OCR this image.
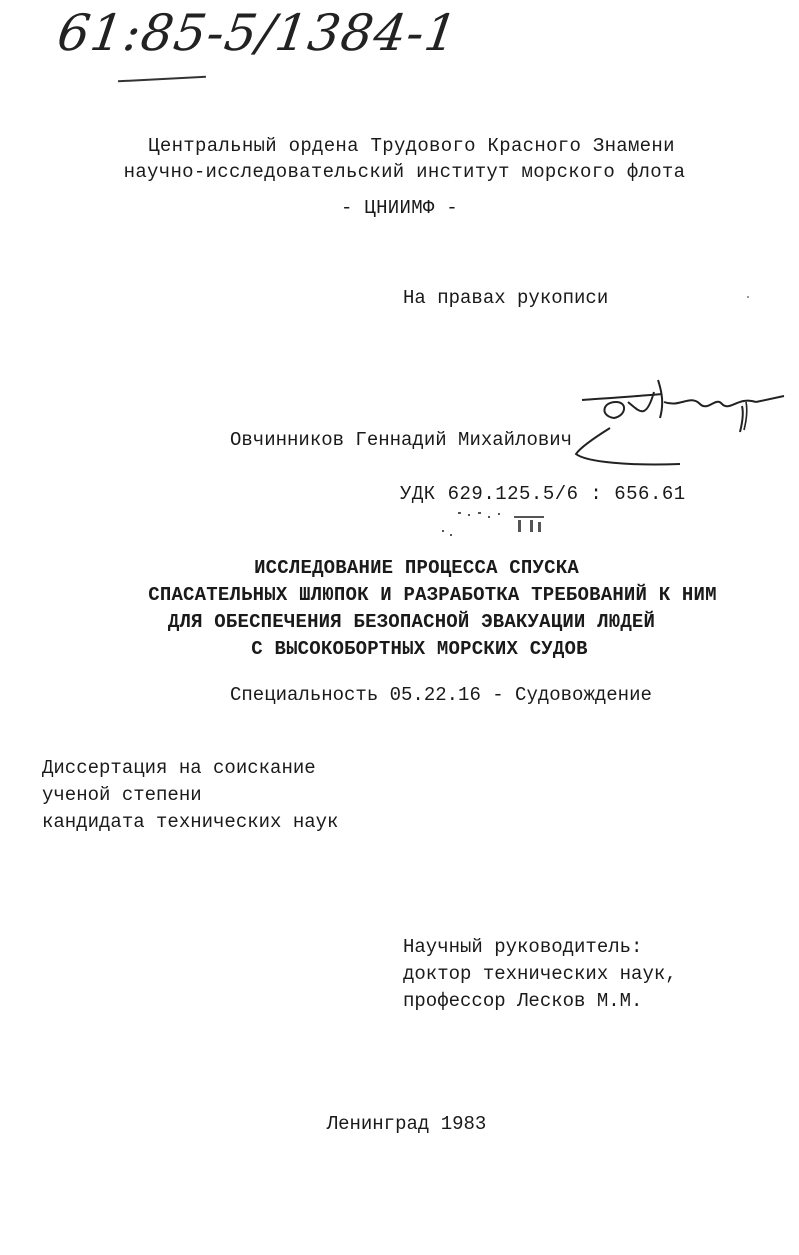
61:85-5/1384-1
Центральный ордена Трудового Красного Знамени
научно-исследовательский институт морского флота
- ЦНИИМФ -
На правах рукописи
Овчинников Геннадий Михайлович
УДК 629.125.5/6 : 656.61
ИССЛЕДОВАНИЕ ПРОЦЕССА СПУСКА
СПАСАТЕЛЬНЫХ ШЛЮПОК И РАЗРАБОТКА ТРЕБОВАНИЙ К НИМ
ДЛЯ ОБЕСПЕЧЕНИЯ БЕЗОПАСНОЙ ЭВАКУАЦИИ ЛЮДЕЙ
С ВЫСОКОБОРТНЫХ МОРСКИХ СУДОВ
Специальность 05.22.16 - Судовождение
Диссертация на соискание
ученой степени
кандидата технических наук
Научный руководитель:
доктор технических наук,
профессор Лесков М.М.
Ленинград 1983
